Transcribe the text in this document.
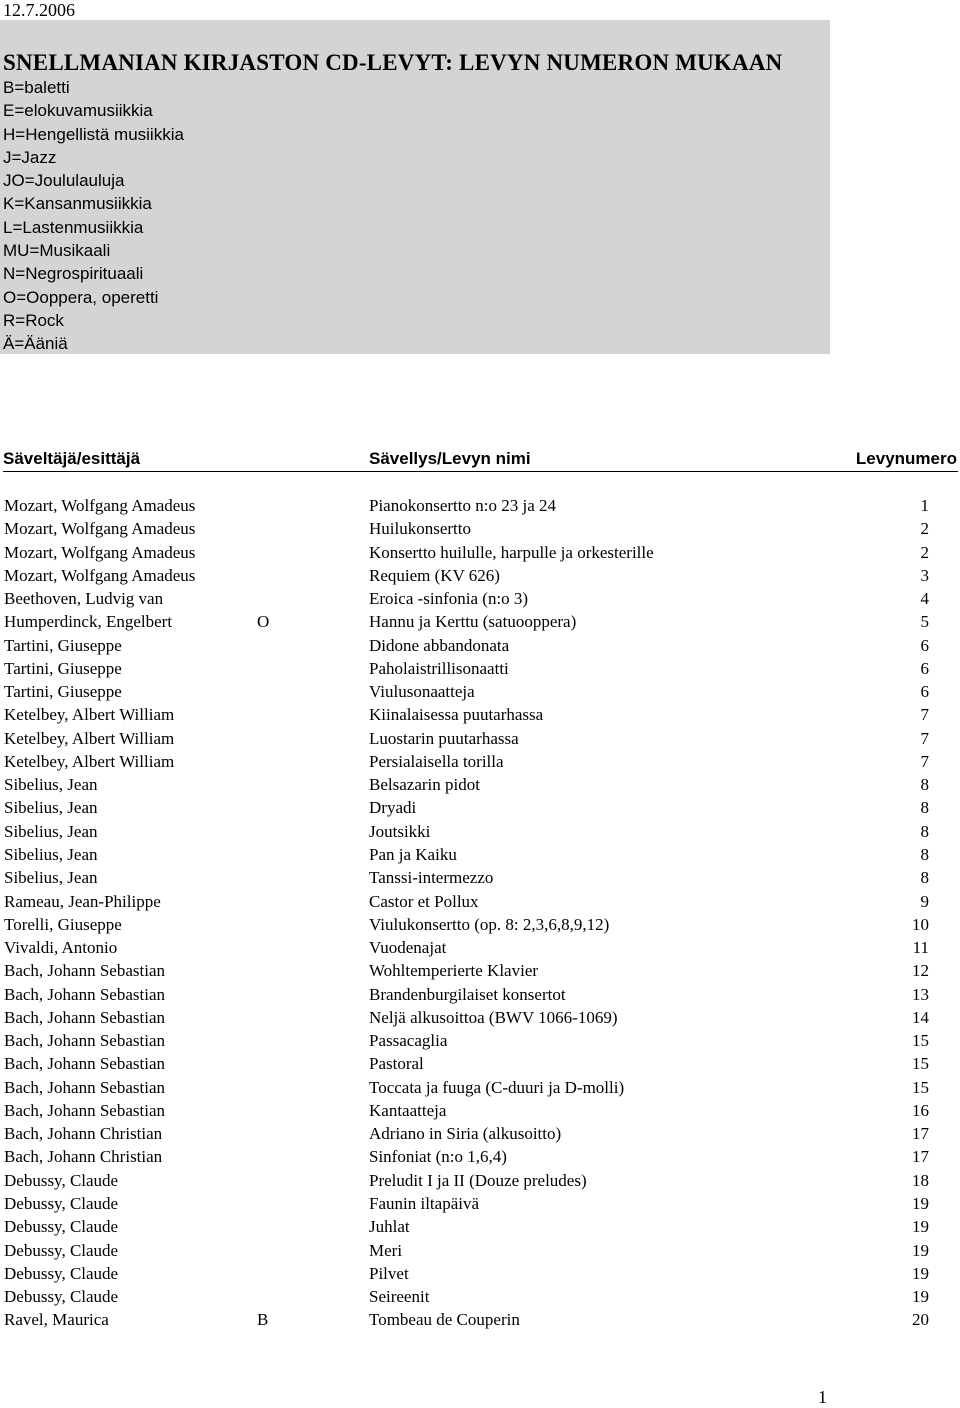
12.7.2006
SNELLMANIAN KIRJASTON CD-LEVYT: LEVYN NUMERON MUKAAN
B=baletti
E=elokuvamusiikkia
H=Hengellistä musiikkia
J=Jazz
JO=Joululauluja
K=Kansanmusiikkia
L=Lastenmusiikkia
MU=Musikaali
N=Negrospirituaali
O=Ooppera, operetti
R=Rock
Ä=Ääniä
Säveltäjä/esittäjä	Sävellys/Levyn nimi	Levynumero
Mozart, Wolfgang Amadeus	Pianokonsertto n:o 23 ja 24	1
Mozart, Wolfgang Amadeus	Huilukonsertto	2
Mozart, Wolfgang Amadeus	Konsertto huilulle, harpulle ja orkesterille	2
Mozart, Wolfgang Amadeus	Requiem (KV 626)	3
Beethoven, Ludvig van	Eroica -sinfonia (n:o 3)	4
Humperdinck, Engelbert	O	Hannu ja Kerttu (satuooppera)	5
Tartini, Giuseppe	Didone abbandonata	6
Tartini, Giuseppe	Paholaistrillisonaatti	6
Tartini, Giuseppe	Viulusonaatteja	6
Ketelbey, Albert William	Kiinalaisessa puutarhassa	7
Ketelbey, Albert William	Luostarin puutarhassa	7
Ketelbey, Albert William	Persialaisella torilla	7
Sibelius, Jean	Belsazarin pidot	8
Sibelius, Jean	Dryadi	8
Sibelius, Jean	Joutsikki	8
Sibelius, Jean	Pan ja Kaiku	8
Sibelius, Jean	Tanssi-intermezzo	8
Rameau, Jean-Philippe	Castor et Pollux	9
Torelli, Giuseppe	Viulukonsertto (op. 8: 2,3,6,8,9,12)	10
Vivaldi, Antonio	Vuodenajat	11
Bach, Johann Sebastian	Wohltemperierte Klavier	12
Bach, Johann Sebastian	Brandenburgilaiset konsertot	13
Bach, Johann Sebastian	Neljä alkusoittoa (BWV 1066-1069)	14
Bach, Johann Sebastian	Passacaglia	15
Bach, Johann Sebastian	Pastoral	15
Bach, Johann Sebastian	Toccata ja fuuga (C-duuri ja D-molli)	15
Bach, Johann Sebastian	Kantaatteja	16
Bach, Johann Christian	Adriano in Siria (alkusoitto)	17
Bach, Johann Christian	Sinfoniat (n:o 1,6,4)	17
Debussy, Claude	Preludit I ja II (Douze preludes)	18
Debussy, Claude	Faunin iltapäivä	19
Debussy, Claude	Juhlat	19
Debussy, Claude	Meri	19
Debussy, Claude	Pilvet	19
Debussy, Claude	Seireenit	19
Ravel, Maurica	B	Tombeau de Couperin	20
1
